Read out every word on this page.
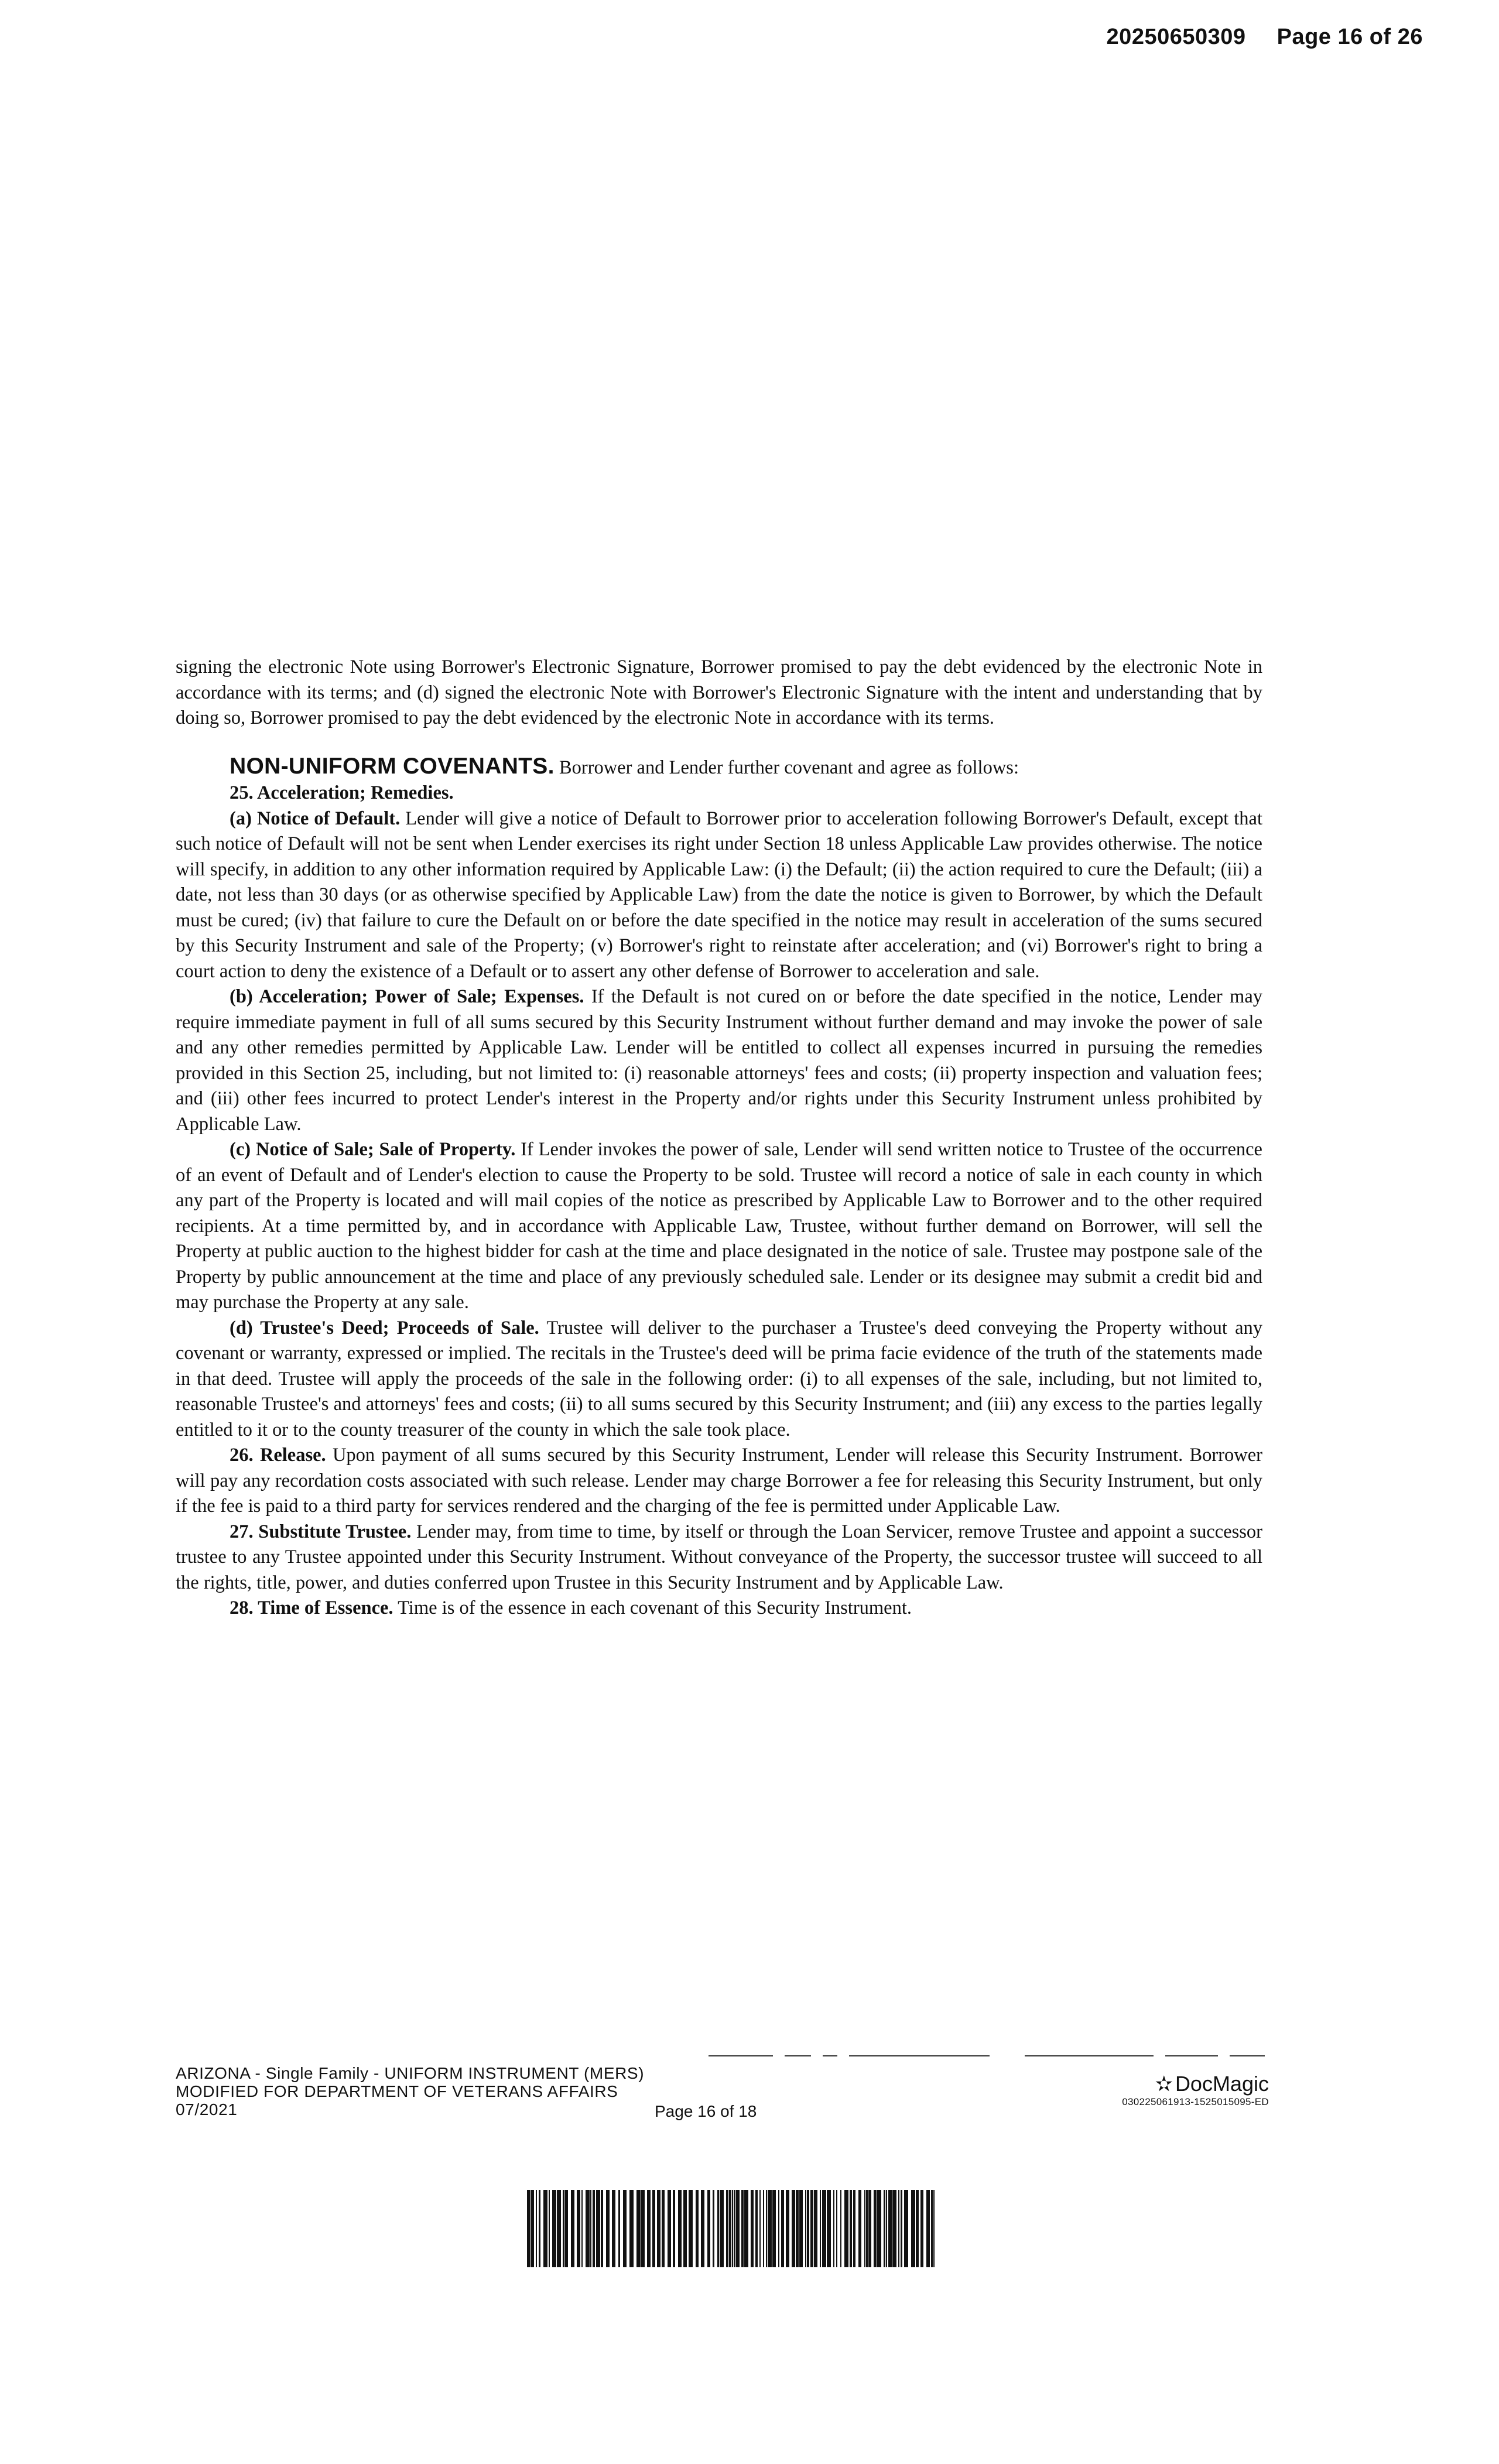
20250650309 Page 16 of 26

signing the electronic Note using Borrower's Electronic Signature, Borrower promised to pay the debt evidenced by the electronic Note in accordance with its terms; and (d) signed the electronic Note with Borrower's Electronic Signature with the intent and understanding that by doing so, Borrower promised to pay the debt evidenced by the electronic Note in accordance with its terms.

NON-UNIFORM COVENANTS. Borrower and Lender further covenant and agree as follows:

25. Acceleration; Remedies.

(a) Notice of Default. Lender will give a notice of Default to Borrower prior to acceleration following Borrower's Default, except that such notice of Default will not be sent when Lender exercises its right under Section 18 unless Applicable Law provides otherwise. The notice will specify, in addition to any other information required by Applicable Law: (i) the Default; (ii) the action required to cure the Default; (iii) a date, not less than 30 days (or as otherwise specified by Applicable Law) from the date the notice is given to Borrower, by which the Default must be cured; (iv) that failure to cure the Default on or before the date specified in the notice may result in acceleration of the sums secured by this Security Instrument and sale of the Property; (v) Borrower's right to reinstate after acceleration; and (vi) Borrower's right to bring a court action to deny the existence of a Default or to assert any other defense of Borrower to acceleration and sale.

(b) Acceleration; Power of Sale; Expenses. If the Default is not cured on or before the date specified in the notice, Lender may require immediate payment in full of all sums secured by this Security Instrument without further demand and may invoke the power of sale and any other remedies permitted by Applicable Law. Lender will be entitled to collect all expenses incurred in pursuing the remedies provided in this Section 25, including, but not limited to: (i) reasonable attorneys' fees and costs; (ii) property inspection and valuation fees; and (iii) other fees incurred to protect Lender's interest in the Property and/or rights under this Security Instrument unless prohibited by Applicable Law.

(c) Notice of Sale; Sale of Property. If Lender invokes the power of sale, Lender will send written notice to Trustee of the occurrence of an event of Default and of Lender's election to cause the Property to be sold. Trustee will record a notice of sale in each county in which any part of the Property is located and will mail copies of the notice as prescribed by Applicable Law to Borrower and to the other required recipients. At a time permitted by, and in accordance with Applicable Law, Trustee, without further demand on Borrower, will sell the Property at public auction to the highest bidder for cash at the time and place designated in the notice of sale. Trustee may postpone sale of the Property by public announcement at the time and place of any previously scheduled sale. Lender or its designee may submit a credit bid and may purchase the Property at any sale.

(d) Trustee's Deed; Proceeds of Sale. Trustee will deliver to the purchaser a Trustee's deed conveying the Property without any covenant or warranty, expressed or implied. The recitals in the Trustee's deed will be prima facie evidence of the truth of the statements made in that deed. Trustee will apply the proceeds of the sale in the following order: (i) to all expenses of the sale, including, but not limited to, reasonable Trustee's and attorneys' fees and costs; (ii) to all sums secured by this Security Instrument; and (iii) any excess to the parties legally entitled to it or to the county treasurer of the county in which the sale took place.

26. Release. Upon payment of all sums secured by this Security Instrument, Lender will release this Security Instrument. Borrower will pay any recordation costs associated with such release. Lender may charge Borrower a fee for releasing this Security Instrument, but only if the fee is paid to a third party for services rendered and the charging of the fee is permitted under Applicable Law.

27. Substitute Trustee. Lender may, from time to time, by itself or through the Loan Servicer, remove Trustee and appoint a successor trustee to any Trustee appointed under this Security Instrument. Without conveyance of the Property, the successor trustee will succeed to all the rights, title, power, and duties conferred upon Trustee in this Security Instrument and by Applicable Law.

28. Time of Essence. Time is of the essence in each covenant of this Security Instrument.

ARIZONA - Single Family - UNIFORM INSTRUMENT (MERS)
MODIFIED FOR DEPARTMENT OF VETERANS AFFAIRS
07/2021	Page 16 of 18
✫ DocMagic
030225061913-1525015095-ED
